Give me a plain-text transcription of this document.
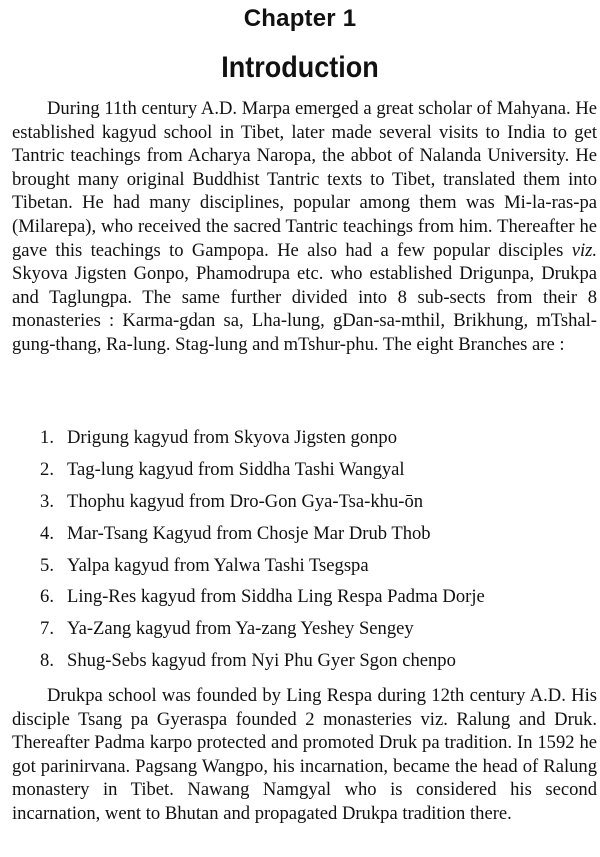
Chapter 1
Introduction

During 11th century A.D. Marpa emerged a great scholar of Mahyana. He established kagyud school in Tibet, later made several visits to India to get Tantric teachings from Acharya Naropa, the abbot of Nalanda University. He brought many original Buddhist Tantric texts to Tibet, translated them into Tibetan. He had many disciplines, popular among them was Mi-la-ras-pa (Milarepa), who received the sacred Tantric teachings from him. Thereafter he gave this teachings to Gampopa. He also had a few popular disciples viz. Skyova Jigsten Gonpo, Phamodrupa etc. who established Drigunpa, Drukpa and Taglungpa. The same further divided into 8 sub-sects from their 8 monasteries : Karma-gdan sa, Lha-lung, gDan-sa-mthil, Brikhung, mTshal-gung-thang, Ra-lung. Stag-lung and mTshur-phu. The eight Branches are :

1. Drigung kagyud from Skyova Jigsten gonpo
2. Tag-lung kagyud from Siddha Tashi Wangyal
3. Thophu kagyud from Dro-Gon Gya-Tsa-khu-ōn
4. Mar-Tsang Kagyud from Chosje Mar Drub Thob
5. Yalpa kagyud from Yalwa Tashi Tsegspa
6. Ling-Res kagyud from Siddha Ling Respa Padma Dorje
7. Ya-Zang kagyud from Ya-zang Yeshey Sengey
8. Shug-Sebs kagyud from Nyi Phu Gyer Sgon chenpo

Drukpa school was founded by Ling Respa during 12th century A.D. His disciple Tsang pa Gyeraspa founded 2 monasteries viz. Ralung and Druk. Thereafter Padma karpo protected and promoted Druk pa tradition. In 1592 he got parinirvana. Pagsang Wangpo, his incarnation, became the head of Ralung monastery in Tibet. Nawang Namgyal who is considered his second incarnation, went to Bhutan and propagated Drukpa tradition there.
